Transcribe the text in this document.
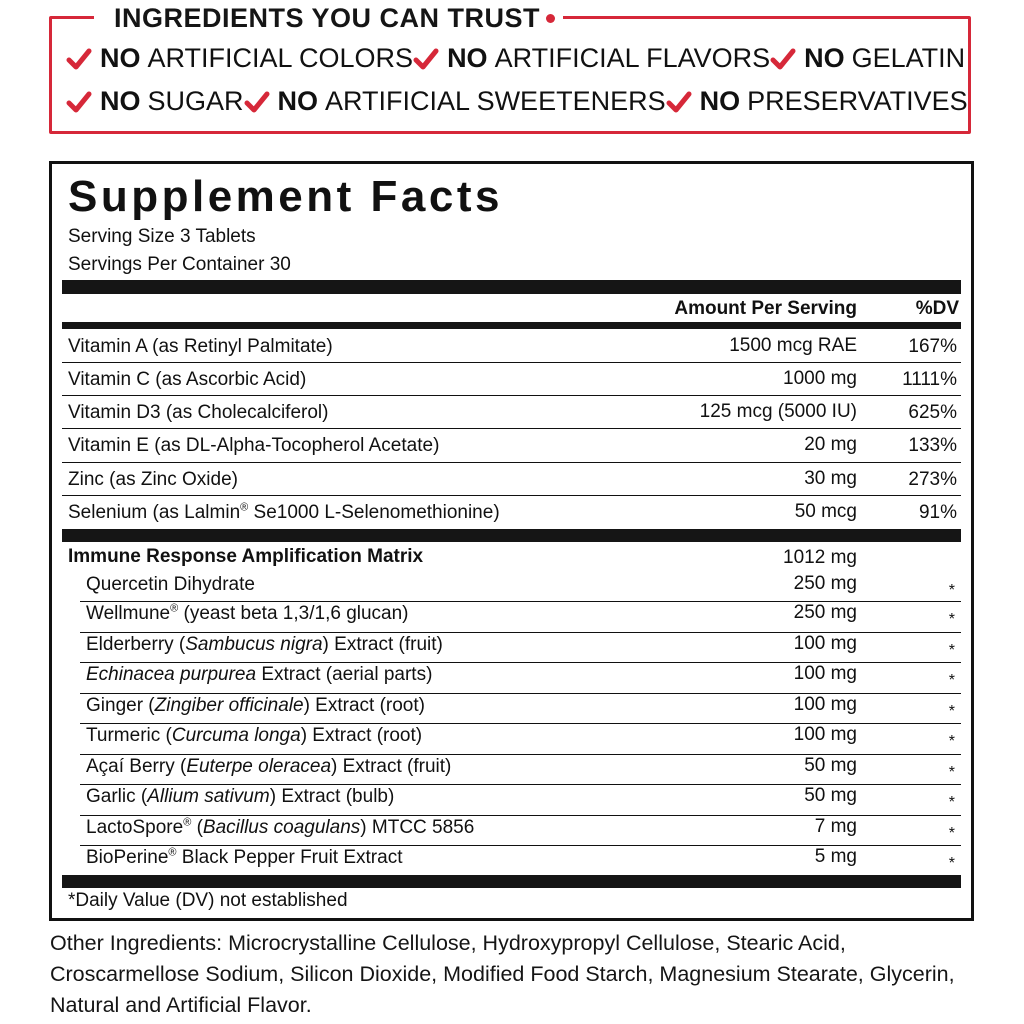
INGREDIENTS YOU CAN TRUST
NO ARTIFICIAL COLORS NO ARTIFICIAL FLAVORS NO GELATIN
NO SUGAR NO ARTIFICIAL SWEETENERS NO PRESERVATIVES
Supplement Facts
Serving Size 3 Tablets
Servings Per Container 30
Amount Per Serving	%DV
*Daily Value (DV) not established
Vitamin A (as Retinyl Palmitate)	1500 mcg RAE	167%
Vitamin C (as Ascorbic Acid)	1000 mg 1111%
Vitamin D3 (as Cholecalciferol)	125 mcg (5000 IU)	625%
Vitamin E (as DL-Alpha-Tocopherol Acetate)	20 mg	133%
Zinc (as Zinc Oxide)	30 mg	273%
Selenium (as Lalmin® Se1000 L-Selenomethionine)	50 mcg	91%
Immune Response Amplification Matrix	1012 mg
Quercetin Dihydrate	250 mg	*
Wellmune® (yeast beta 1,3/1,6 glucan)	250 mg	*
Elderberry (Sambucus nigra) Extract (fruit)	100 mg	*
Echinacea purpurea Extract (aerial parts)	100 mg	*
Ginger (Zingiber officinale) Extract (root)	100 mg	*
Turmeric (Curcuma longa) Extract (root)	100 mg	*
Açaí Berry (Euterpe oleracea) Extract (fruit)	50 mg	*
Garlic (Allium sativum) Extract (bulb)	50 mg	*
LactoSpore® (Bacillus coagulans) MTCC 5856	7 mg	*
BioPerine® Black Pepper Fruit Extract	5 mg	*
Other Ingredients: Microcrystalline Cellulose, Hydroxypropyl Cellulose, Stearic Acid, Croscarmellose Sodium, Silicon Dioxide, Modified Food Starch, Magnesium Stearate, Glycerin, Natural and Artificial Flavor.
